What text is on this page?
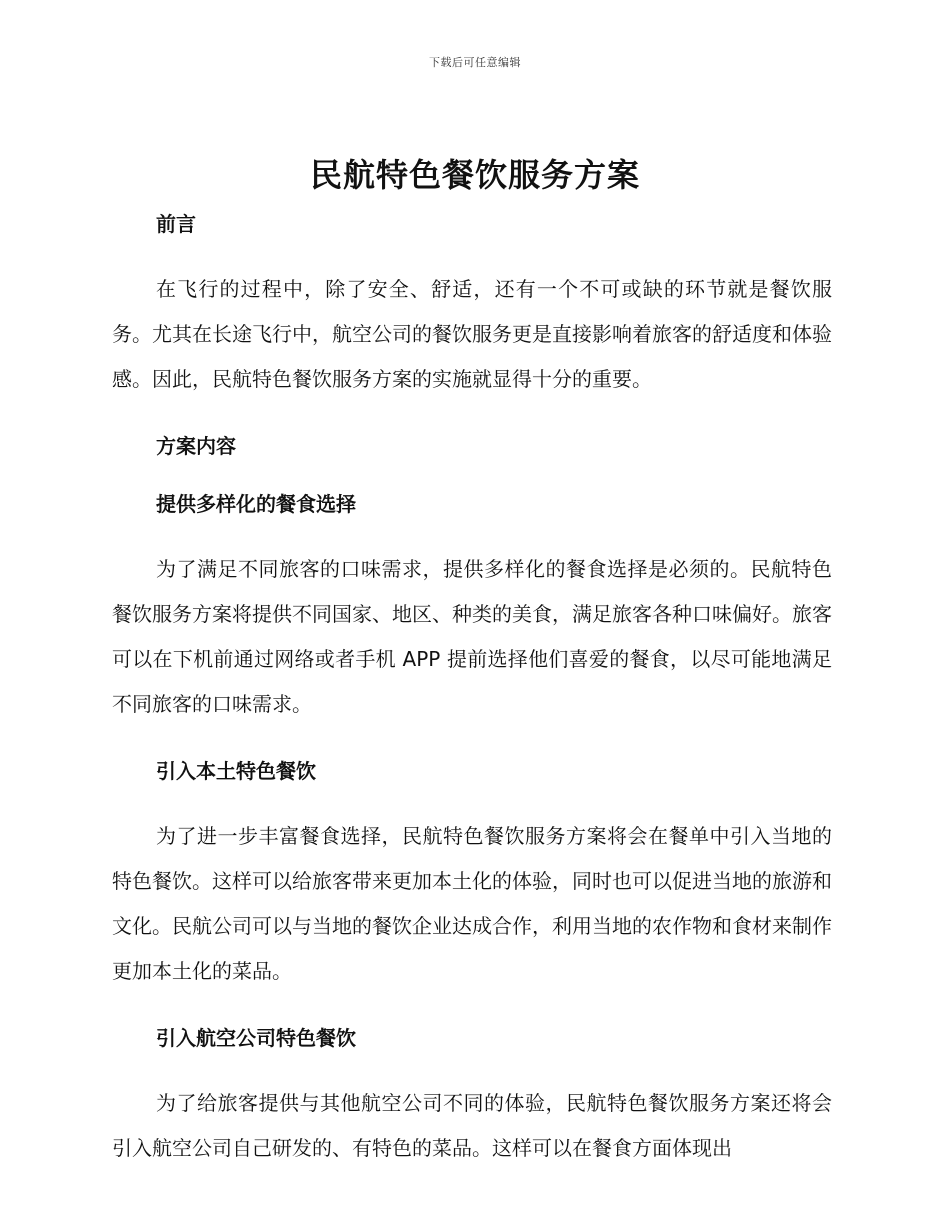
下载后可任意编辑
民航特色餐饮服务方案
前言

在飞行的过程中，除了安全、舒适，还有一个不可或缺的环节就是餐饮服务。尤其在长途飞行中，航空公司的餐饮服务更是直接影响着旅客的舒适度和体验感。因此，民航特色餐饮服务方案的实施就显得十分的重要。

方案内容
提供多样化的餐食选择

为了满足不同旅客的口味需求，提供多样化的餐食选择是必须的。民航特色餐饮服务方案将提供不同国家、地区、种类的美食，满足旅客各种口味偏好。旅客可以在下机前通过网络或者手机 APP 提前选择他们喜爱的餐食，以尽可能地满足不同旅客的口味需求。

引入本土特色餐饮

为了进一步丰富餐食选择，民航特色餐饮服务方案将会在餐单中引入当地的特色餐饮。这样可以给旅客带来更加本土化的体验，同时也可以促进当地的旅游和文化。民航公司可以与当地的餐饮企业达成合作，利用当地的农作物和食材来制作更加本土化的菜品。

引入航空公司特色餐饮

为了给旅客提供与其他航空公司不同的体验，民航特色餐饮服务方案还将会引入航空公司自己研发的、有特色的菜品。这样可以在餐食方面体现出
